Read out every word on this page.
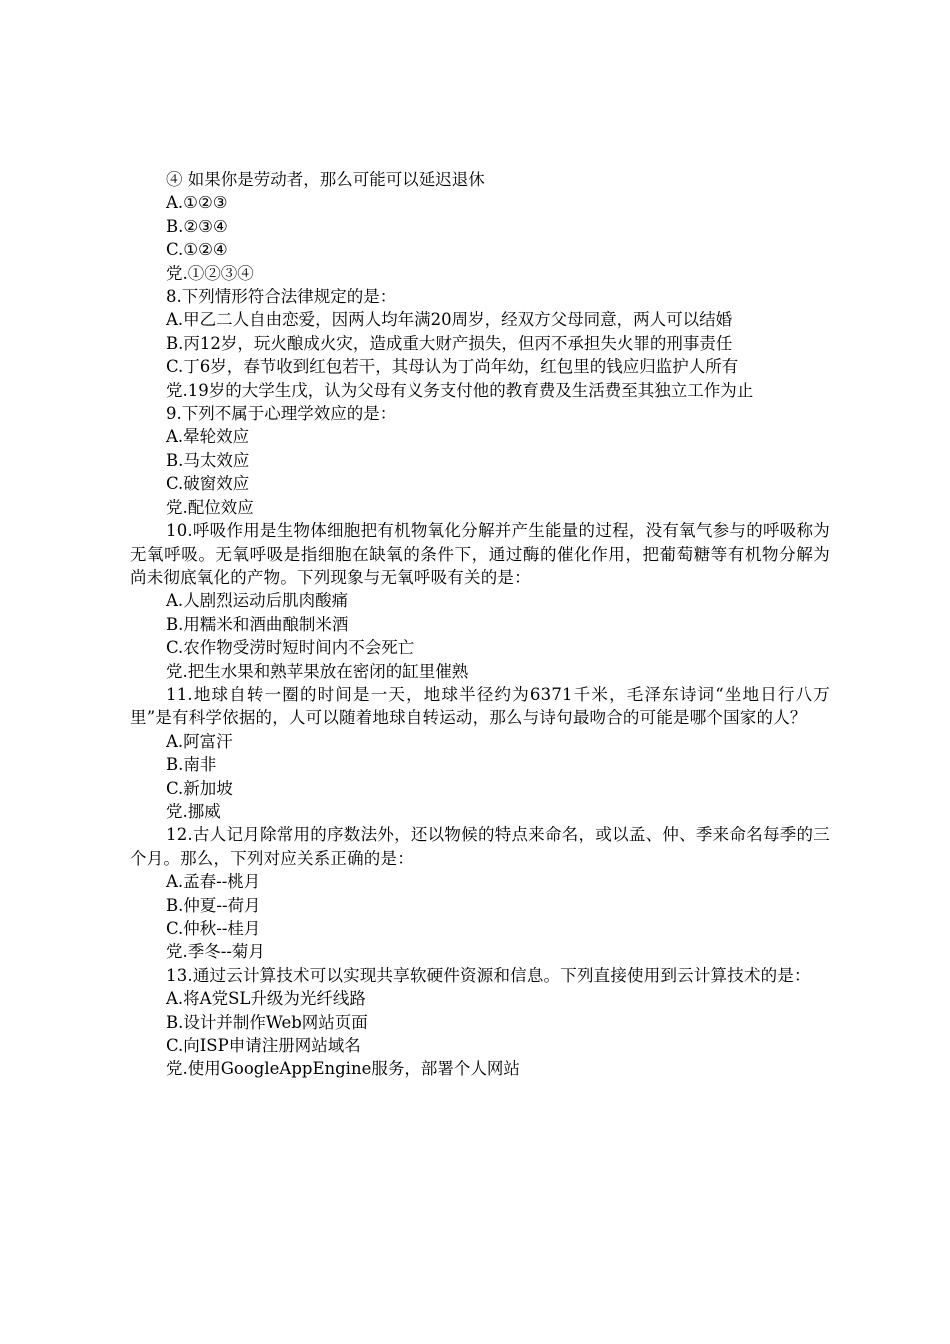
④ 如果你是劳动者，那么可能可以延迟退休
A.①②③
B.②③④
C.①②④
党.①②③④
8.下列情形符合法律规定的是：
A.甲乙二人自由恋爱，因两人均年满20周岁，经双方父母同意，两人可以结婚
B.丙12岁，玩火酿成火灾，造成重大财产损失，但丙不承担失火罪的刑事责任
C.丁6岁，春节收到红包若干，其母认为丁尚年幼，红包里的钱应归监护人所有
党.19岁的大学生戊，认为父母有义务支付他的教育费及生活费至其独立工作为止
9.下列不属于心理学效应的是：
A.晕轮效应
B.马太效应
C.破窗效应
党.配位效应
10.呼吸作用是生物体细胞把有机物氧化分解并产生能量的过程，没有氧气参与的呼吸称为无氧呼吸。无氧呼吸是指细胞在缺氧的条件下，通过酶的催化作用，把葡萄糖等有机物分解为尚未彻底氧化的产物。下列现象与无氧呼吸有关的是：
A.人剧烈运动后肌肉酸痛
B.用糯米和酒曲酿制米酒
C.农作物受涝时短时间内不会死亡
党.把生水果和熟苹果放在密闭的缸里催熟
11.地球自转一圈的时间是一天，地球半径约为6371千米，毛泽东诗词“坐地日行八万里”是有科学依据的，人可以随着地球自转运动，那么与诗句最吻合的可能是哪个国家的人？
A.阿富汗
B.南非
C.新加坡
党.挪威
12.古人记月除常用的序数法外，还以物候的特点来命名，或以孟、仲、季来命名每季的三个月。那么，下列对应关系正确的是：
A.孟春--桃月
B.仲夏--荷月
C.仲秋--桂月
党.季冬--菊月
13.通过云计算技术可以实现共享软硬件资源和信息。下列直接使用到云计算技术的是：
A.将A党SL升级为光纤线路
B.设计并制作Web网站页面
C.向ISP申请注册网站域名
党.使用GoogleAppEngine服务，部署个人网站
